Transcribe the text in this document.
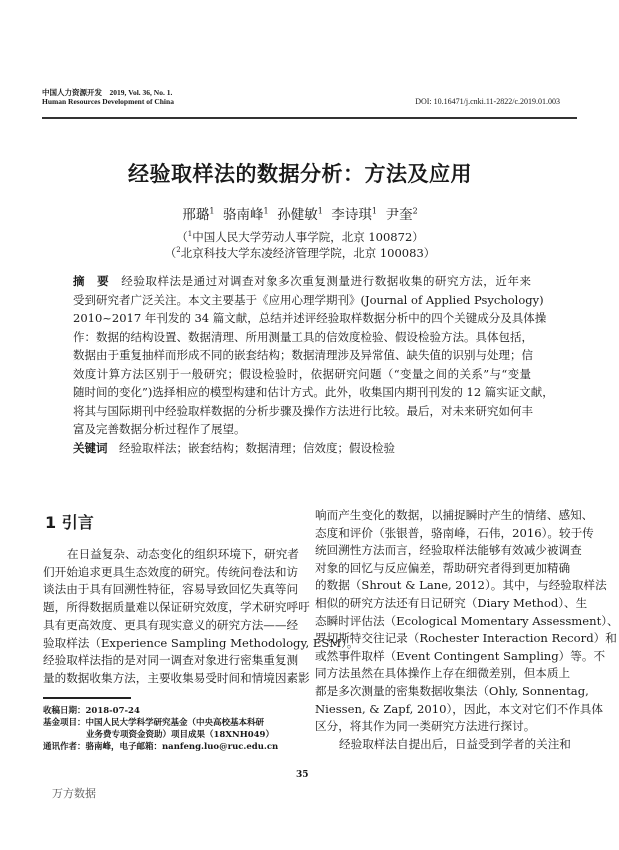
中国人力资源开发　2019, Vol. 36, No. 1.
Human Resources Development of China	DOI: 10.16471/j.cnki.11-2822/c.2019.01.003
经验取样法的数据分析：方法及应用
邢璐$^1$ 骆南峰$^1$ 孙健敏$^1$ 李诗琪$^1$ 尹奎$^2$
（$^1$中国人民大学劳动人事学院，北京 100872）
（$^2$北京科技大学东凌经济管理学院，北京 100083）
摘　要　 经验取样法是通过对调查对象多次重复测量进行数据收集的研究方法，近年来
受到研究者广泛关注。本文主要基于《应用心理学期刊》(Journal of Applied Psychology)
2010~2017 年刊发的 34 篇文献，总结并述评经验取样数据分析中的四个关键成分及具体操
作：数据的结构设置、数据清理、所用测量工具的信效度检验、假设检验方法。具体包括，
数据由于重复抽样而形成不同的嵌套结构；数据清理涉及异常值、缺失值的识别与处理；信
效度计算方法区别于一般研究；假设检验时，依据研究问题（“变量之间的关系”与“变量
随时间的变化”)选择相应的模型构建和估计方式。此外，收集国内期刊刊发的 12 篇实证文献，
将其与国际期刊中经验取样数据的分析步骤及操作方法进行比较。最后，对未来研究如何丰
富及完善数据分析过程作了展望。
关键词　 经验取样法；嵌套结构；数据清理；信效度；假设检验
1 引言
在日益复杂、动态变化的组织环境下，研究者
们开始追求更具生态效度的研究。传统问卷法和访
谈法由于具有回溯性特征，容易导致回忆失真等问
题，所得数据质量难以保证研究效度，学术研究呼吁
具有更高效度、更具有现实意义的研究方法——经
验取样法（Experience Sampling Methodology, ESM）。
经验取样法指的是对同一调查对象进行密集重复测
量的数据收集方法，主要收集易受时间和情境因素影
响而产生变化的数据，以捕捉瞬时产生的情绪、感知、
态度和评价（张银普，骆南峰，石伟，2016）。较于传
统回溯性方法而言，经验取样法能够有效减少被调查
对象的回忆与反应偏差，帮助研究者得到更加精确
的数据（Shrout & Lane, 2012）。其中，与经验取样法
相似的研究方法还有日记研究（Diary Method）、生
态瞬时评估法（Ecological Momentary Assessment）、
罗切斯特交往记录（Rochester Interaction Record）和
或然事件取样（Event Contingent Sampling）等。不
同方法虽然在具体操作上存在细微差别，但本质上
都是多次测量的密集数据收集法（Ohly, Sonnentag,
Niessen, & Zapf, 2010），因此，本文对它们不作具体
区分，将其作为同一类研究方法进行探讨。
经验取样法自提出后，日益受到学者的关注和
收稿日期：2018-07-24
基金项目：中国人民大学科学研究基金（中央高校基本科研
业务费专项资金资助）项目成果（18XNH049）
通讯作者：骆南峰，电子邮箱：nanfeng.luo@ruc.edu.cn
35
万方数据
